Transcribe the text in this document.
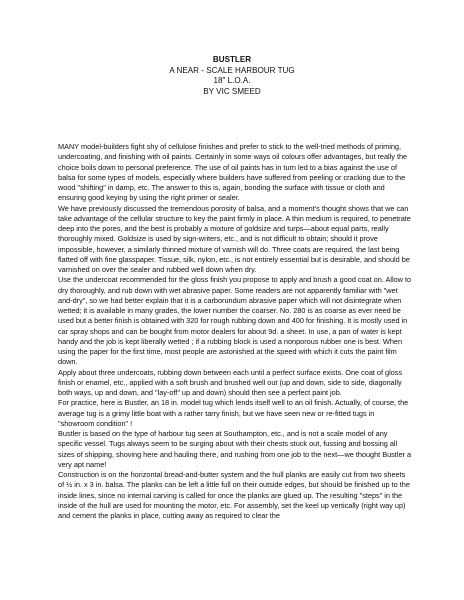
BUSTLER
A NEAR - SCALE HARBOUR TUG
18" L.O.A.
BY VIC SMEED

MANY model-builders fight shy of cellulose finishes and prefer to stick to the well-tried methods of priming, undercoating, and finishing with oil paints. Certainly in some ways oil colours offer advantages, but really the choice boils down to personal preference. The use of oil paints has in turn led to a bias against the use of balsa for some types of models, especially where builders have suffered from peeling or cracking due to the wood "shifting" in damp, etc. The answer to this is, again, bonding the surface with tissue or cloth and ensuring good keying by using the right primer or sealer.

We have previously discussed the tremendous porosity of balsa, and a moment's thought shows that we can take advantage of the cellular structure to key the paint firmly in place. A thin medium is required, to penetrate deep into the pores, and the best is probably a mixture of goldsize and turps—about equal parts, really thoroughly mixed. Goldsize is used by sign-writers, etc., and is not difficult to obtain; should it prove impossible, however, a similarly thinned mixture of varnish will do. Three coats are required, the last being flatted off with fine glasspaper. Tissue, silk, nylon, etc., is not entirely essential but is desirable, and should be varnished on over the sealer and rubbed well down when dry.

Use the undercoat recommended for the gloss finish you propose to apply and brush a good coat on. Allow to dry thoroughly, and rub down with wet abrasive paper. Some readers are not apparently familiar with "wet and-dry", so we had better explain that it is a carborundum abrasive paper which will not disintegrate when wetted; it is available in many grades, the lower number the coarser. No. 280 is as coarse as ever need be used but a better finish is obtained with 320 for rough rubbing down and 400 for finishing. It is mostly used in car spray shops and can be bought from motor dealers for about 9d. a sheet. In use, a pan of water is kept handy and the job is kept liberally wetted ; if a rubbing block is used a nonporous rubber one is best. When using the paper for the first time, most people are astonished at the speed with which it cuts the paint film down.

Apply about three undercoats, rubbing down between each until a perfect surface exists. One coat of gloss finish or enamel, etc., applied with a soft brush and brushed well out (up and down, side to side, diagonally both ways, up and down, and "lay-off" up and down) should then see a perfect paint job.

For practice, here is Bustler, an 18 in. model tug which lends itself well to an oil finish. Actually, of course, the average tug is a grimy little boat with a rather tarry finish, but we have seen new or re-fitted tugs in "showroom condition" !

Bustler is based on the type of harbour tug seen at Southampton, etc., and is not a scale model of any specific vessel. Tugs always seem to be surging about with their chests stuck out, fussing and bossing all sizes of shipping, shoving here and hauling there, and rushing from one job to the next—we thought Bustler a very apt name!

Construction is on the horizontal bread-and-butter system and the hull planks are easily cut from two sheets of ½ in. x 3 in. balsa. The planks can be left a little full on their outside edges, but should be finished up to the inside lines, since no internal carving is called for once the planks are glued up. The resulting "steps" in the inside of the hull are used for mounting the motor, etc. For assembly, set the keel up vertically (right way up) and cement the planks in place, cutting away as required to clear the
